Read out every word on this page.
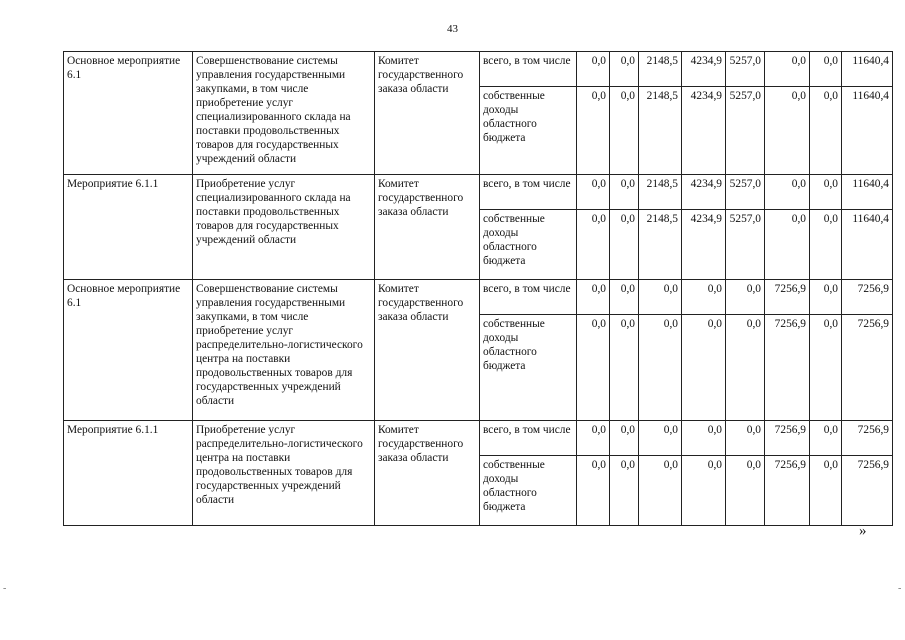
43
Основное мероприятие 6.1	Совершенствование системы управления государственными закупками, в том числе приобретение услуг специализированного склада на поставки продовольственных товаров для государственных учреждений области	Комитет государственного заказа области	всего, в том числе	0,0	0,0	2148,5	4234,9	5257,0	0,0	0,0	11640,4
			собственные доходы областного бюджета	0,0	0,0	2148,5	4234,9	5257,0	0,0	0,0	11640,4
Мероприятие 6.1.1	Приобретение услуг специализированного склада на поставки продовольственных товаров для государственных учреждений области	Комитет государственного заказа области	всего, в том числе	0,0	0,0	2148,5	4234,9	5257,0	0,0	0,0	11640,4
			собственные доходы областного бюджета	0,0	0,0	2148,5	4234,9	5257,0	0,0	0,0	11640,4
Основное мероприятие 6.1	Совершенствование системы управления государственными закупками, в том числе приобретение услуг распределительно-логистического центра на поставки продовольственных товаров для государственных учреждений области	Комитет государственного заказа области	всего, в том числе	0,0	0,0	0,0	0,0	0,0	7256,9	0,0	7256,9
			собственные доходы областного бюджета	0,0	0,0	0,0	0,0	0,0	7256,9	0,0	7256,9
Мероприятие 6.1.1	Приобретение услуг распределительно-логистического центра на поставки продовольственных товаров для государственных учреждений области	Комитет государственного заказа области	всего, в том числе	0,0	0,0	0,0	0,0	0,0	7256,9	0,0	7256,9
			собственные доходы областного бюджета	0,0	0,0	0,0	0,0	0,0	7256,9	0,0	7256,9
»
-	-
